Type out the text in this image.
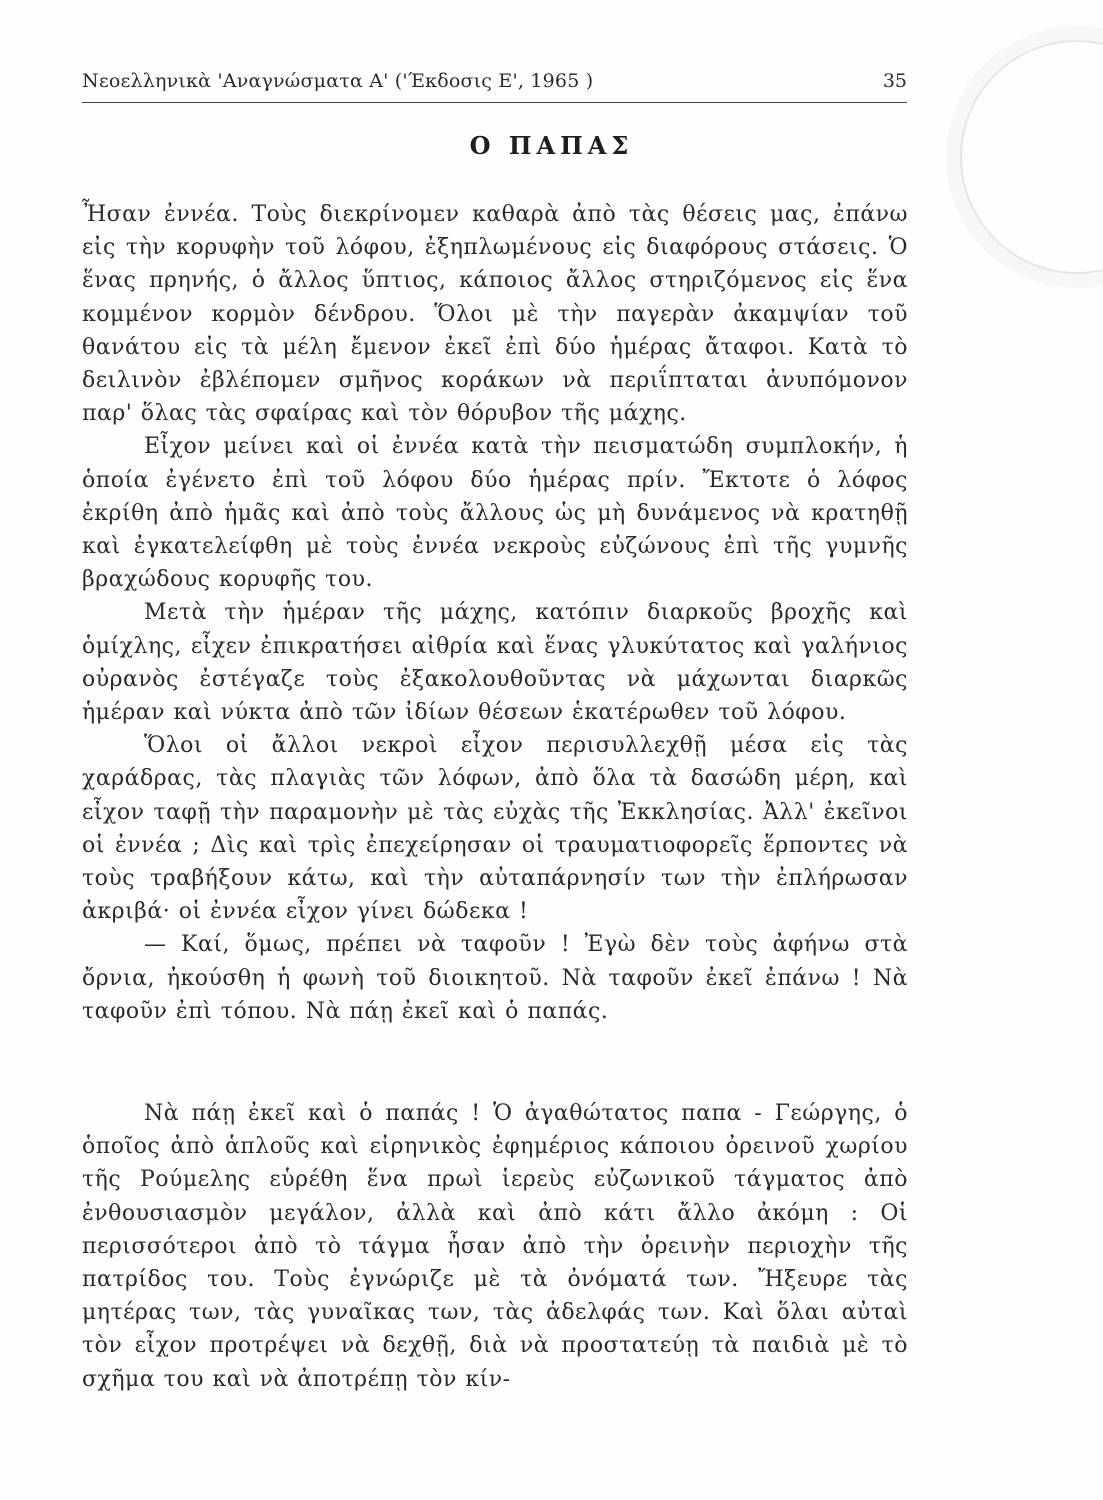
Νεοελληνικὰ 'Αναγνώσματα Α' ('Έκδοσις Ε', 1965 )	35
Ο ΠΑΠΑΣ

Ἦσαν ἐννέα. Τοὺς διεκρίνομεν καθαρὰ ἀπὸ τὰς θέσεις μας, ἐπάνω εἰς τὴν κορυφὴν τοῦ λόφου, ἐξηπλωμένους εἰς διαφόρους στάσεις. Ὁ ἕνας πρηνής, ὁ ἄλλος ὕπτιος, κάποιος ἄλλος στηριζόμενος εἰς ἕνα κομμένον κορμὸν δένδρου. Ὅλοι μὲ τὴν παγερὰν ἀκαμψίαν τοῦ θανάτου εἰς τὰ μέλη ἔμενον ἐκεῖ ἐπὶ δύο ἡμέρας ἄταφοι. Κατὰ τὸ δειλινὸν ἐβλέπομεν σμῆνος κοράκων νὰ περιΐπταται ἀνυπόμονον παρ' ὅλας τὰς σφαίρας καὶ τὸν θόρυβον τῆς μάχης.

Εἶχον μείνει καὶ οἱ ἐννέα κατὰ τὴν πεισματώδη συμπλοκήν, ἡ ὁποία ἐγένετο ἐπὶ τοῦ λόφου δύο ἡμέρας πρίν. Ἔκτοτε ὁ λόφος ἐκρίθη ἀπὸ ἡμᾶς καὶ ἀπὸ τοὺς ἄλλους ὡς μὴ δυνάμενος νὰ κρατηθῇ καὶ ἐγκατελείφθη μὲ τοὺς ἐννέα νεκροὺς εὐζώνους ἐπὶ τῆς γυμνῆς βραχώδους κορυφῆς του.

Μετὰ τὴν ἡμέραν τῆς μάχης, κατόπιν διαρκοῦς βροχῆς καὶ ὁμίχλης, εἶχεν ἐπικρατήσει αἰθρία καὶ ἕνας γλυκύτατος καὶ γαλήνιος οὐρανὸς ἐστέγαζε τοὺς ἐξακολουθοῦντας νὰ μάχωνται διαρκῶς ἡμέραν καὶ νύκτα ἀπὸ τῶν ἰδίων θέσεων ἑκατέρωθεν τοῦ λόφου.

Ὅλοι οἱ ἄλλοι νεκροὶ εἶχον περισυλλεχθῇ μέσα εἰς τὰς χαράδρας, τὰς πλαγιὰς τῶν λόφων, ἀπὸ ὅλα τὰ δασώδη μέρη, καὶ εἶχον ταφῇ τὴν παραμονὴν μὲ τὰς εὐχὰς τῆς Ἐκκλησίας. Ἀλλ' ἐκεῖνοι οἱ ἐννέα ; Δὶς καὶ τρὶς ἐπεχείρησαν οἱ τραυματιοφορεῖς ἕρποντες νὰ τοὺς τραβήξουν κάτω, καὶ τὴν αὐταπάρνησίν των τὴν ἐπλήρωσαν ἀκριβά· οἱ ἐννέα εἶχον γίνει δώδεκα !

— Καί, ὅμως, πρέπει νὰ ταφοῦν ! Ἐγὼ δὲν τοὺς ἀφήνω στὰ ὄρνια, ἠκούσθη ἡ φωνὴ τοῦ διοικητοῦ. Νὰ ταφοῦν ἐκεῖ ἐπάνω ! Νὰ ταφοῦν ἐπὶ τόπου. Νὰ πάῃ ἐκεῖ καὶ ὁ παπάς.

Νὰ πάῃ ἐκεῖ καὶ ὁ παπάς ! Ὁ ἀγαθώτατος παπα - Γεώργης, ὁ ὁποῖος ἀπὸ ἁπλοῦς καὶ εἰρηνικὸς ἐφημέριος κάποιου ὀρεινοῦ χωρίου τῆς Ρούμελης εὑρέθη ἕνα πρωὶ ἱερεὺς εὐζωνικοῦ τάγματος ἀπὸ ἐνθουσιασμὸν μεγάλον, ἀλλὰ καὶ ἀπὸ κάτι ἄλλο ἀκόμη : Οἱ περισσότεροι ἀπὸ τὸ τάγμα ἦσαν ἀπὸ τὴν ὀρεινὴν περιοχὴν τῆς πατρίδος του. Τοὺς ἐγνώριζε μὲ τὰ ὀνόματά των. Ἤξευρε τὰς μητέρας των, τὰς γυναῖκας των, τὰς ἀδελφάς των. Καὶ ὅλαι αὐταὶ τὸν εἶχον προτρέψει νὰ δεχθῇ, διὰ νὰ προστατεύῃ τὰ παιδιὰ μὲ τὸ σχῆμα του καὶ νὰ ἀποτρέπῃ τὸν κίν-
